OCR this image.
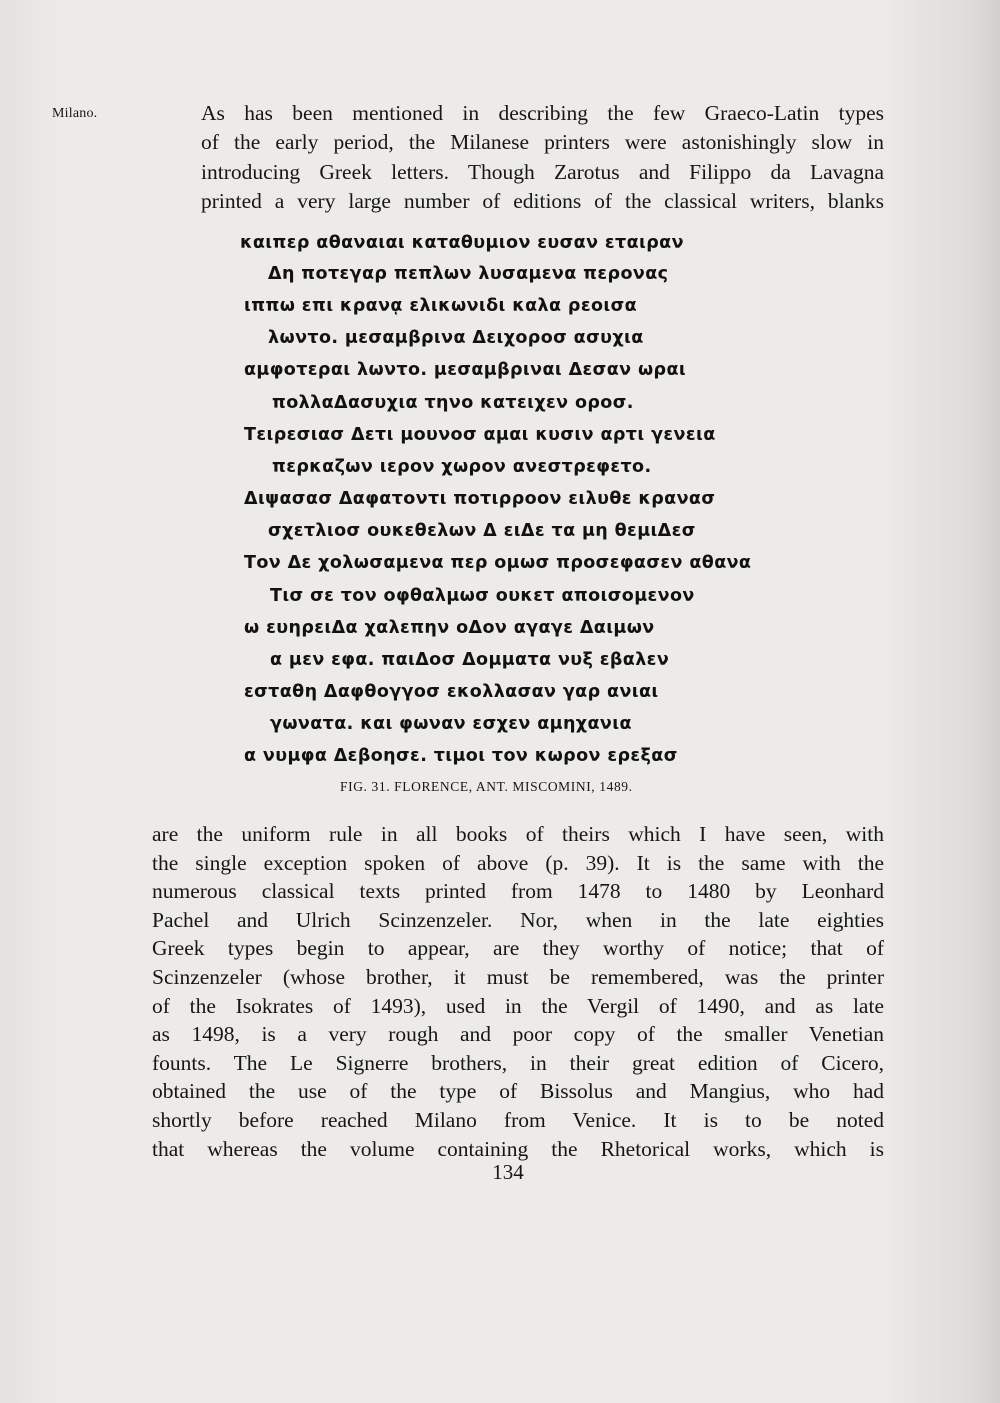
Milano.	As has been mentioned in describing the few Graeco-Latin types
of the early period, the Milanese printers were astonishingly slow in
introducing Greek letters. Though Zarotus and Filippo da Lavagna
printed a very large number of editions of the classical writers, blanks

καιπερ αθαναιαι καταθυμιον ευσαν εταιραν
Δη ποτεγαρ πεπλων λυσαμενα περονας
ιππω επι κρανᾳ ελικωνιδι καλα ρεοισα
λωντο. μεσαμβρινα Δειχοροσ ασυχια
αμφοτεραι λωντο. μεσαμβριναι Δεσαν ωραι
πολλαΔασυχια τηνο κατειχεν οροσ.
Τειρεσιασ Δετι μουνοσ αμαι κυσιν αρτι γενεια
περκαζων ιερον χωρον ανεστρεφετο.
Διψασασ Δαφατοντι ποτιρροον ειλυθε κρανασ
σχετλιοσ ουκεθελων Δ ειΔε τα μη θεμιΔεσ
Τον Δε χολωσαμενα περ ομωσ προσεφασεν αθανα
Τισ σε τον οφθαλμωσ ουκετ αποισομενον
ω ευηρειΔα χαλεπην οΔον αγαγε Δαιμων
α μεν εφα. παιΔοσ Δομματα νυξ εβαλεν
εσταθη Δαφθογγοσ εκολλασαν γαρ ανιαι
γωνατα. και φωναν εσχεν αμηχανια
α νυμφα Δεβοησε. τιμοι τον κωρον ερεξασ
FIG. 31. FLORENCE, ANT. MISCOMINI, 1489.

are the uniform rule in all books of theirs which I have seen, with
the single exception spoken of above (p. 39). It is the same with the
numerous classical texts printed from 1478 to 1480 by Leonhard
Pachel and Ulrich Scinzenzeler. Nor, when in the late eighties
Greek types begin to appear, are they worthy of notice; that of
Scinzenzeler (whose brother, it must be remembered, was the printer
of the Isokrates of 1493), used in the Vergil of 1490, and as late
as 1498, is a very rough and poor copy of the smaller Venetian
founts. The Le Signerre brothers, in their great edition of Cicero,
obtained the use of the type of Bissolus and Mangius, who had
shortly before reached Milano from Venice. It is to be noted
that whereas the volume containing the Rhetorical works, which is

134
